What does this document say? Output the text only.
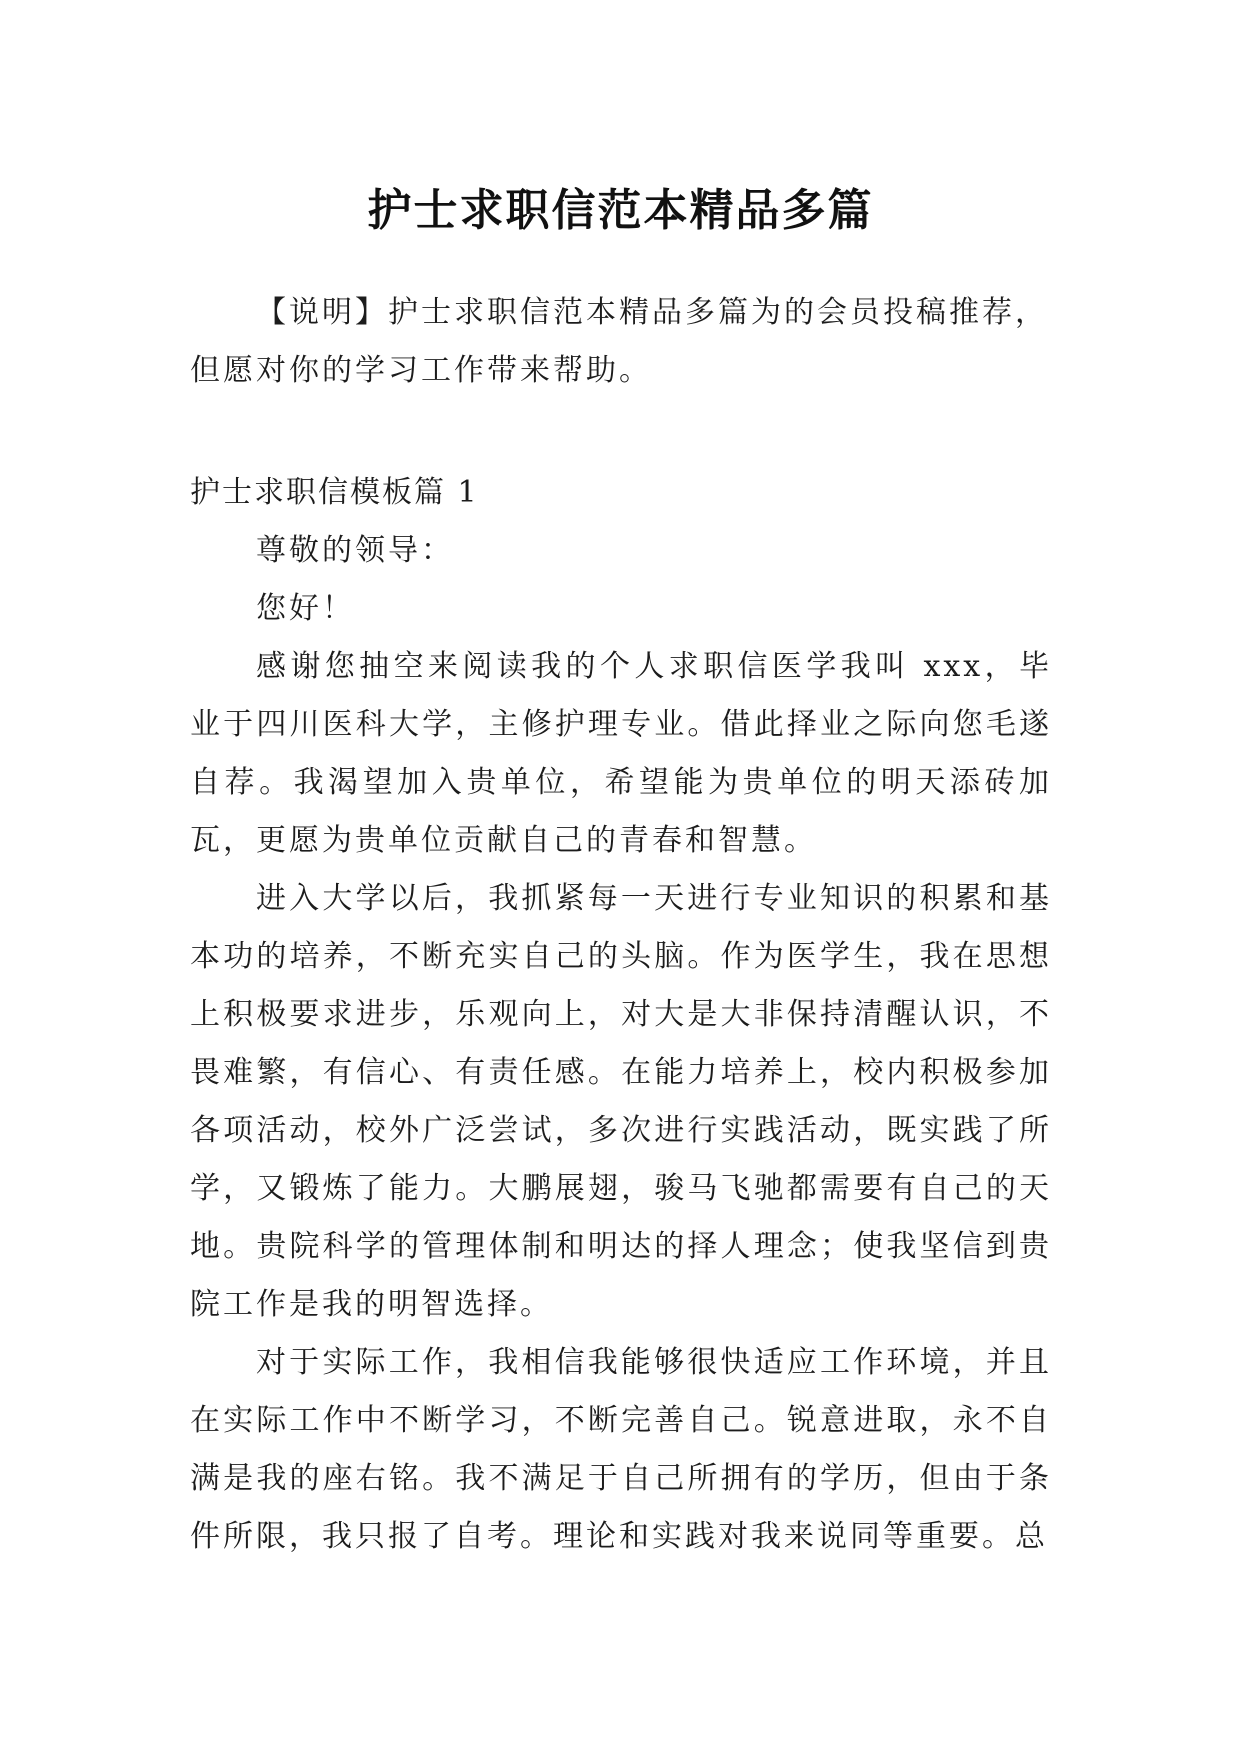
护士求职信范本精品多篇

【说明】护士求职信范本精品多篇为的会员投稿推荐，但愿对你的学习工作带来帮助。

护士求职信模板篇 1

尊敬的领导：

您好！

感谢您抽空来阅读我的个人求职信医学我叫 xxx，毕业于四川医科大学，主修护理专业。借此择业之际向您毛遂自荐。我渴望加入贵单位，希望能为贵单位的明天添砖加瓦，更愿为贵单位贡献自己的青春和智慧。

进入大学以后，我抓紧每一天进行专业知识的积累和基本功的培养，不断充实自己的头脑。作为医学生，我在思想上积极要求进步，乐观向上，对大是大非保持清醒认识，不畏难繁，有信心、有责任感。在能力培养上，校内积极参加各项活动，校外广泛尝试，多次进行实践活动，既实践了所学，又锻炼了能力。大鹏展翅，骏马飞驰都需要有自己的天地。贵院科学的管理体制和明达的择人理念；使我坚信到贵院工作是我的明智选择。

对于实际工作，我相信我能够很快适应工作环境，并且在实际工作中不断学习，不断完善自己。锐意进取，永不自满是我的座右铭。我不满足于自己所拥有的学历，但由于条件所限，我只报了自考。理论和实践对我来说同等重要。总
